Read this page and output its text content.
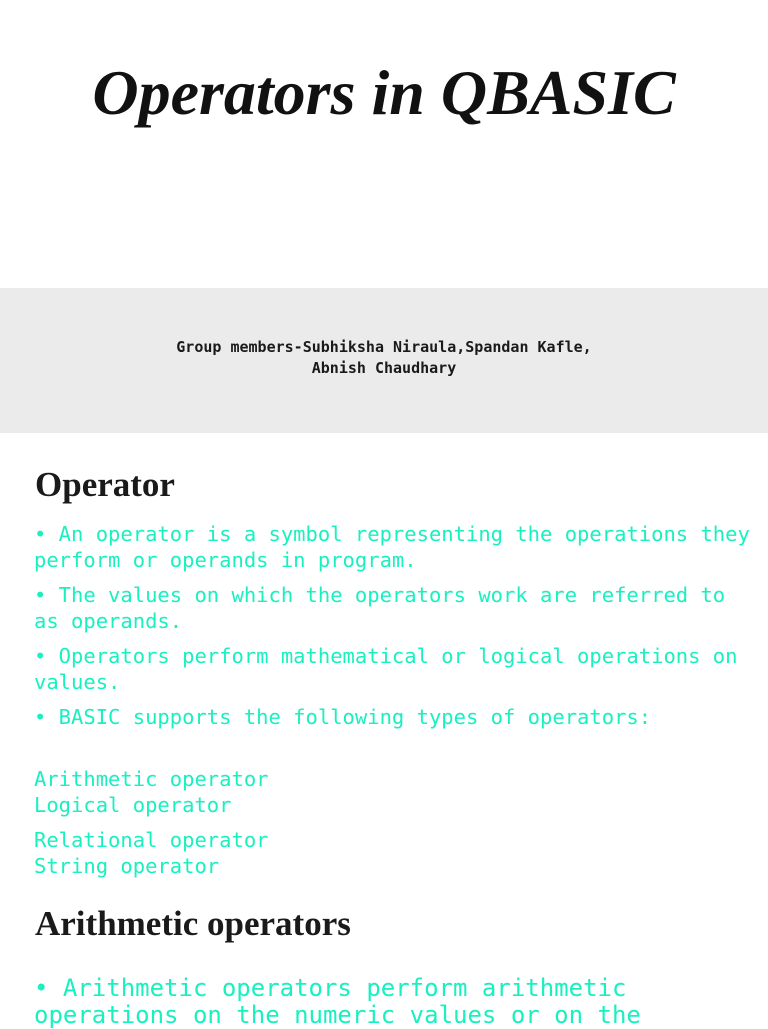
Operators in QBASIC
Group members-Subhiksha Niraula,Spandan Kafle,
Abnish Chaudhary
Operator
• An operator is a symbol representing the operations they perform or operands in program.
• The values on which the operators work are referred to as operands.
• Operators perform mathematical or logical operations on values.
• BASIC supports the following types of operators:
Arithmetic operator
Logical operator
Relational operator
String operator
Arithmetic operators
• Arithmetic operators perform arithmetic
operations on the numeric values or on the
